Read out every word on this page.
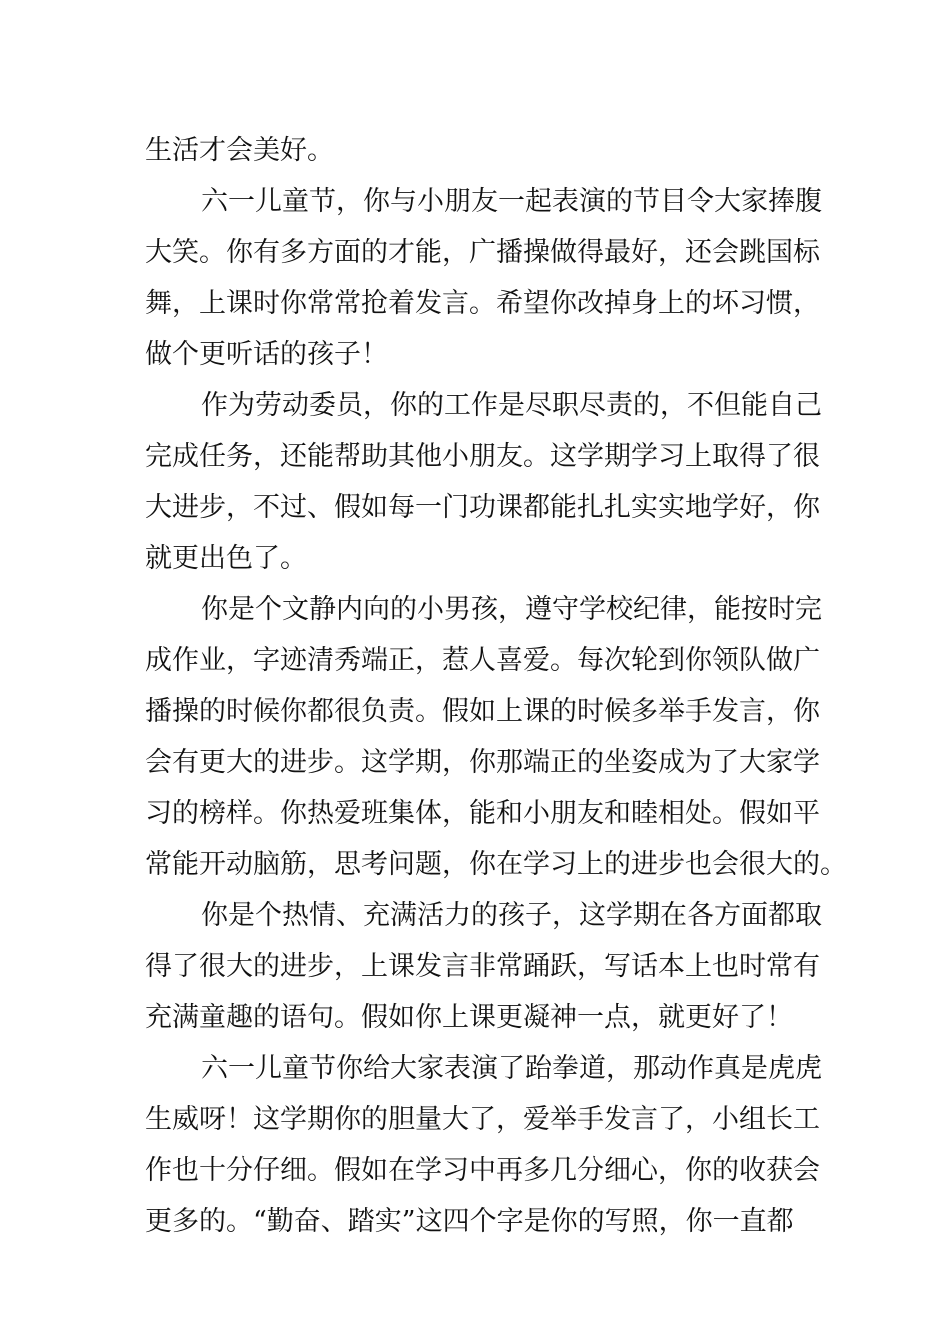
生活才会美好。

六一儿童节，你与小朋友一起表演的节目令大家捧腹

大笑。你有多方面的才能，广播操做得最好，还会跳国标

舞，上课时你常常抢着发言。希望你改掉身上的坏习惯，

做个更听话的孩子！

作为劳动委员，你的工作是尽职尽责的，不但能自己

完成任务，还能帮助其他小朋友。这学期学习上取得了很

大进步，不过、假如每一门功课都能扎扎实实地学好，你

就更出色了。

你是个文静内向的小男孩，遵守学校纪律，能按时完

成作业，字迹清秀端正，惹人喜爱。每次轮到你领队做广

播操的时候你都很负责。假如上课的时候多举手发言，你

会有更大的进步。这学期，你那端正的坐姿成为了大家学

习的榜样。你热爱班集体，能和小朋友和睦相处。假如平

常能开动脑筋，思考问题，你在学习上的进步也会很大的。

你是个热情、充满活力的孩子，这学期在各方面都取

得了很大的进步，上课发言非常踊跃，写话本上也时常有

充满童趣的语句。假如你上课更凝神一点，就更好了！

六一儿童节你给大家表演了跆拳道，那动作真是虎虎

生威呀！这学期你的胆量大了，爱举手发言了，小组长工

作也十分仔细。假如在学习中再多几分细心，你的收获会

更多的。“勤奋、踏实”这四个字是你的写照，你一直都
